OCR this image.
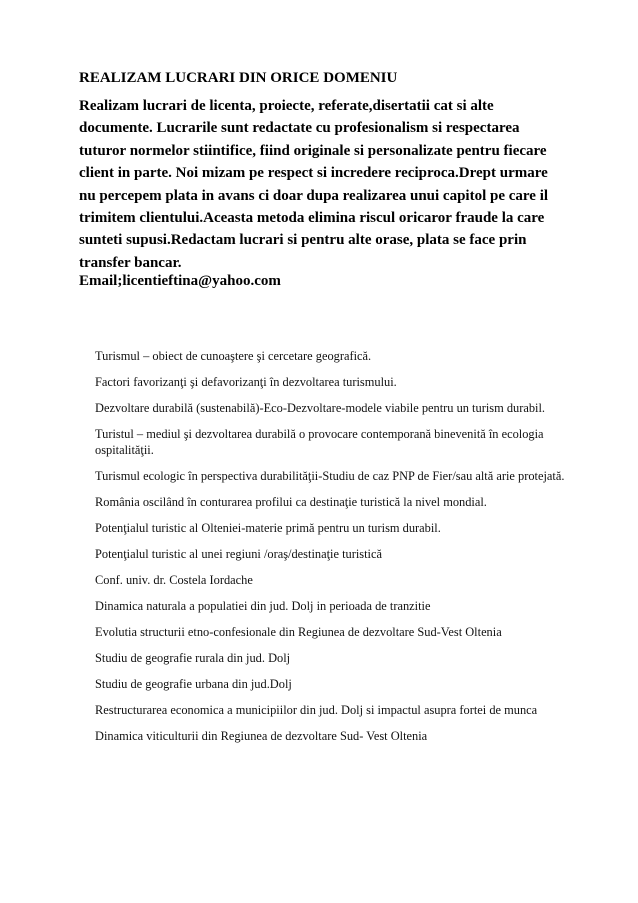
REALIZAM LUCRARI DIN ORICE DOMENIU

Realizam lucrari de licenta, proiecte, referate,disertatii cat si alte documente. Lucrarile sunt redactate cu profesionalism si respectarea tuturor normelor stiintifice, fiind originale si personalizate pentru fiecare client in parte. Noi mizam pe respect si incredere reciproca.Drept urmare nu percepem plata in avans ci doar dupa realizarea unui capitol pe care il trimitem clientului.Aceasta metoda elimina riscul oricaror fraude la care sunteti supusi.Redactam lucrari si pentru alte orase, plata se face prin transfer bancar.

Email;licentieftina@yahoo.com

Turismul – obiect de cunoaştere şi cercetare geografică.
Factori favorizanţi şi defavorizanţi în dezvoltarea turismului.
Dezvoltare durabilă (sustenabilă)-Eco-Dezvoltare-modele viabile pentru un turism durabil.
Turistul – mediul şi dezvoltarea durabilă o provocare contemporană binevenită în ecologia ospitalităţii.
Turismul ecologic în perspectiva durabilităţii-Studiu de caz PNP de Fier/sau altă arie protejată.
România oscilând în conturarea profilui ca destinaţie turistică la nivel mondial.
Potenţialul turistic al Olteniei-materie primă pentru un turism durabil.
Potenţialul turistic al unei regiuni /oraş/destinaţie turistică
Conf. univ. dr. Costela Iordache
Dinamica naturala a populatiei din jud. Dolj in perioada de tranzitie
Evolutia structurii etno-confesionale din Regiunea de dezvoltare Sud-Vest Oltenia
Studiu de geografie rurala din jud. Dolj
Studiu de geografie urbana din jud.Dolj
Restructurarea economica a municipiilor din jud. Dolj si impactul asupra fortei de munca
Dinamica viticulturii din Regiunea de dezvoltare Sud- Vest Oltenia
